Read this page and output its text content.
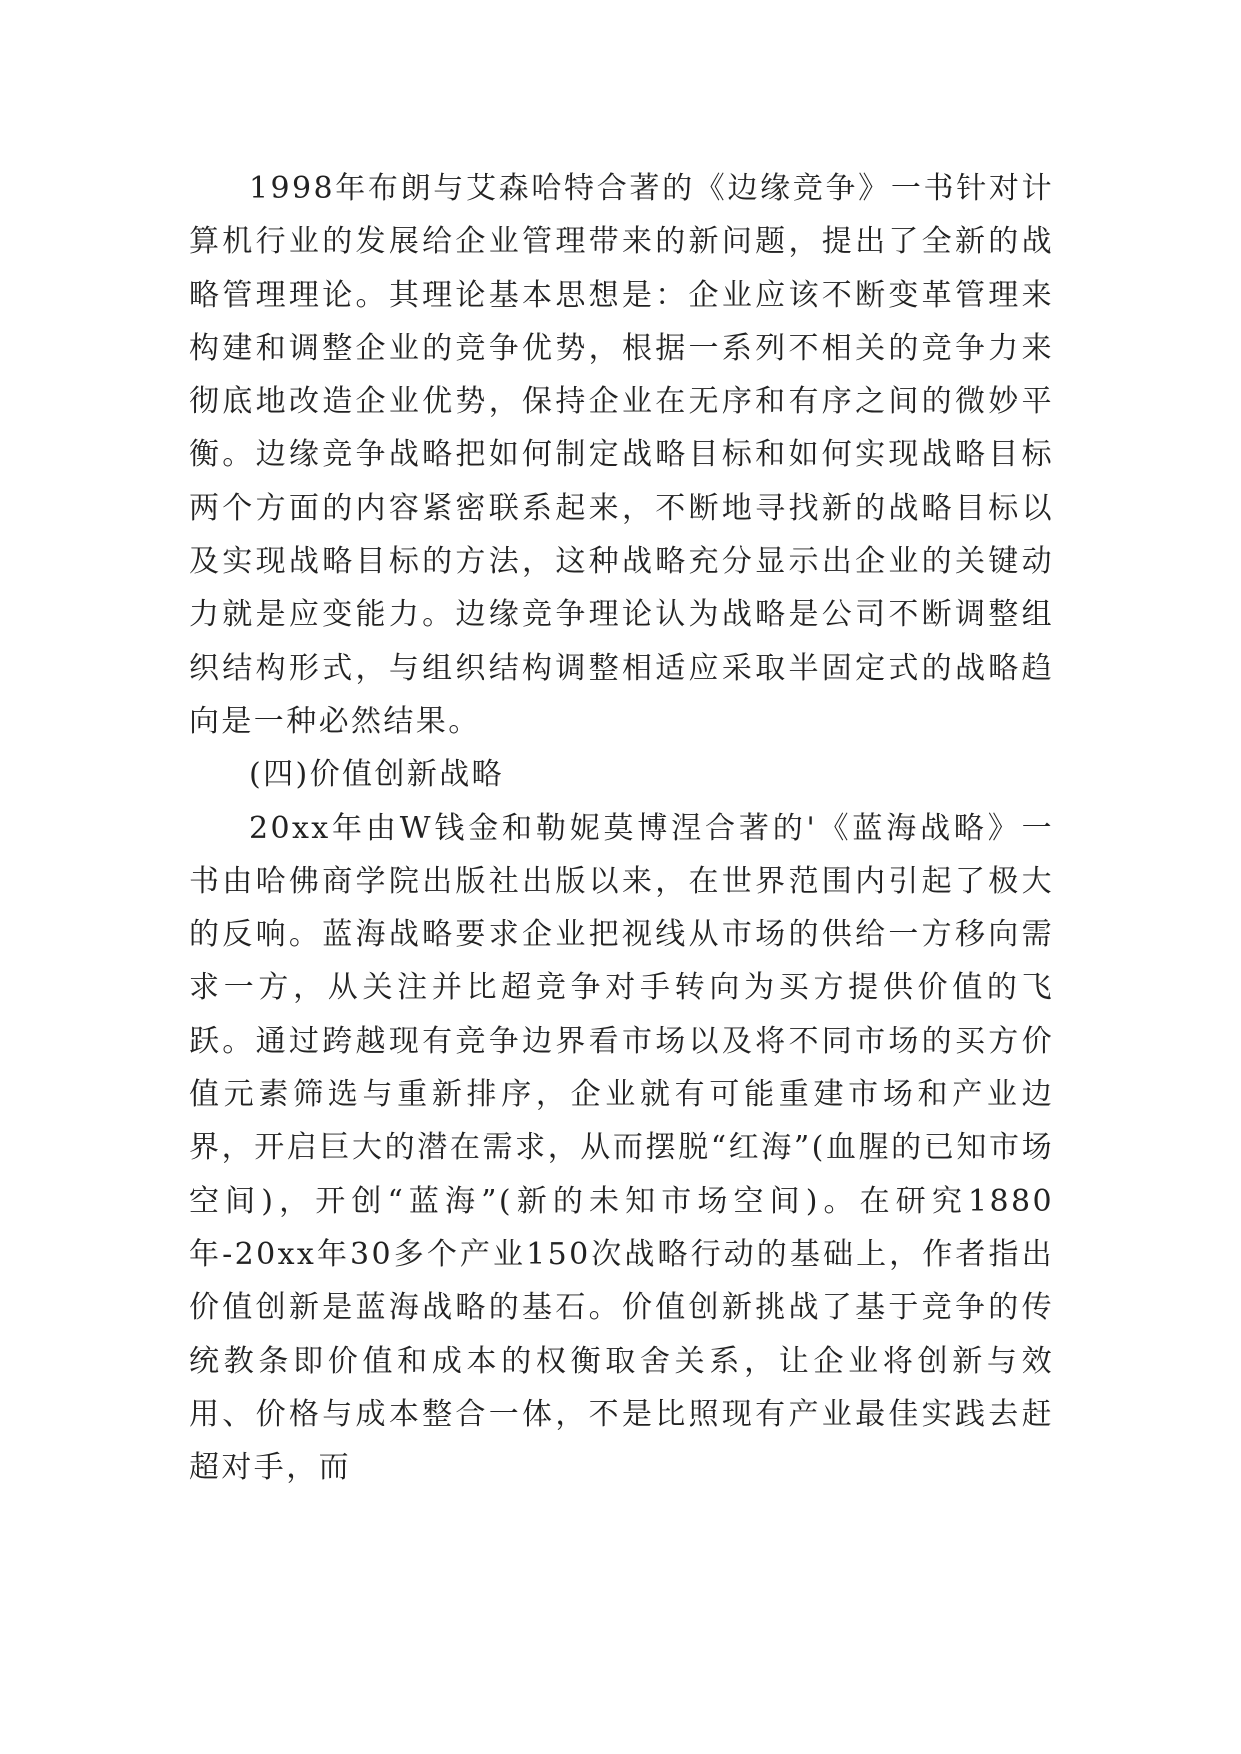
1998年布朗与艾森哈特合著的《边缘竞争》一书针对计算机行业的发展给企业管理带来的新问题，提出了全新的战略管理理论。其理论基本思想是：企业应该不断变革管理来构建和调整企业的竞争优势，根据一系列不相关的竞争力来彻底地改造企业优势，保持企业在无序和有序之间的微妙平衡。边缘竞争战略把如何制定战略目标和如何实现战略目标两个方面的内容紧密联系起来，不断地寻找新的战略目标以及实现战略目标的方法，这种战略充分显示出企业的关键动力就是应变能力。边缘竞争理论认为战略是公司不断调整组织结构形式，与组织结构调整相适应采取半固定式的战略趋向是一种必然结果。

(四)价值创新战略

20xx年由W钱金和勒妮莫博涅合著的'《蓝海战略》一书由哈佛商学院出版社出版以来，在世界范围内引起了极大的反响。蓝海战略要求企业把视线从市场的供给一方移向需求一方，从关注并比超竞争对手转向为买方提供价值的飞跃。通过跨越现有竞争边界看市场以及将不同市场的买方价值元素筛选与重新排序，企业就有可能重建市场和产业边界，开启巨大的潜在需求，从而摆脱“红海”(血腥的已知市场空间)，开创“蓝海”(新的未知市场空间)。在研究1880年-20xx年30多个产业150次战略行动的基础上，作者指出价值创新是蓝海战略的基石。价值创新挑战了基于竞争的传统教条即价值和成本的权衡取舍关系，让企业将创新与效用、价格与成本整合一体，不是比照现有产业最佳实践去赶超对手，而
